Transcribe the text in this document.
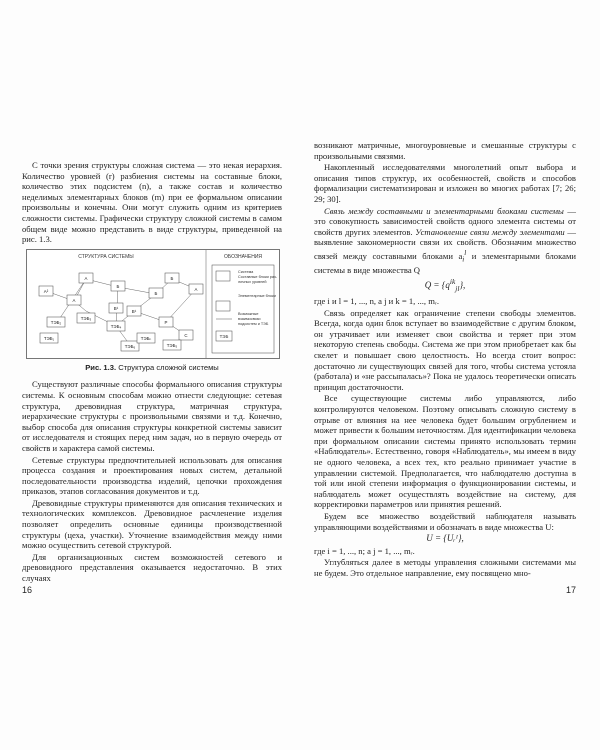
С точки зрения структуры сложная система — это некая иерархия. Количество уровней (r) разбиения системы на составные блоки, количество этих подсистем (n), а также состав и количество неделимых элементарных блоков (m) при ее формальном описании произвольны и конечны. Они могут служить одним из критериев сложности системы. Графически структуру сложной системы в самом общем виде можно представить в виде структуры, приведенной на рис. 1.3.

СТРУКТУРА СИСТЕМЫ	ОБОЗНАЧЕНИЯ
А
A²
Б
Б
Б
А
B¹
B¹
А
Р
С
ТЭБ₁
ТЭБ₂
ТЭБ₃
ТЭБ₄
ТЭБ₆	ТЭБ₅
ТЭБₙ
Система
Составные блоки раз-
личных уровней
Элементарные блоки
Возможные
взаимосвязи
подсистем и ТЭБ
ТЭБ
Рис. 1.3. Структура сложной системы

Существуют различные способы формального описания структуры системы. К основным способам можно отнести следующие: сетевая структура, древовидная структура, матричная структура, иерархические структуры с произвольными связями и т.д. Конечно, выбор способа для описания структуры конкретной системы зависит от исследователя и стоящих перед ним задач, но в первую очередь от свойств и характера самой системы.

Сетевые структуры предпочтительней использовать для описания процесса создания и проектирования новых систем, детальной последовательности производства изделий, цепочки прохождения приказов, этапов согласования документов и т.д.

Древовидные структуры применяются для описания технических и технологических комплексов. Древовидное расчленение изделия позволяет определить основные единицы производственной структуры (цеха, участки). Уточнение взаимодействия между ними можно осуществить сетевой структурой.

Для организационных систем возможностей сетевого и древовидного представления оказывается недостаточно. В этих случаях

16

возникают матричные, многоуровневые и смешанные структуры с произвольными связями.

Накопленный исследователями многолетний опыт выбора и описания типов структур, их особенностей, свойств и способов формализации систематизирован и изложен во многих работах [7; 26; 29; 30].

Связь между составными и элементарными блоками системы — это совокупность зависимостей свойств одного элемента системы от свойств других элементов. Установление связи между элементами — выявление закономерности связи их свойств. Обозначим множество связей между составными блоками $a_i^l$ и элементарными блоками системы в виде множества Q

$Q = \{q^{ik}_{jl}\}$,

где i и l = 1, ..., n, а j и k = 1, ..., mᵣ.

Связь определяет как ограничение степени свободы элементов. Всегда, когда один блок вступает во взаимодействие с другим блоком, он утрачивает или изменяет свои свойства и теряет при этом некоторую степень свободы. Система же при этом приобретает как бы скелет и повышает свою целостность. Но всегда стоит вопрос: достаточно ли существующих связей для того, чтобы система устояла (работала) и «не рассыпалась»? Пока не удалось теоретически описать принцип достаточности.

Все существующие системы либо управляются, либо контролируются человеком. Поэтому описывать сложную систему в отрыве от влияния на нее человека будет большим огрублением и может привести к большим неточностям. Для идентификации человека при формальном описании системы принято использовать термин «Наблюдатель». Естественно, говоря «Наблюдатель», мы имеем в виду не одного человека, а всех тех, кто реально принимает участие в управлении системой. Предполагается, что наблюдателю доступна в той или иной степени информация о функционировании системы, и наблюдатель может осуществлять воздействие на систему, для корректировки параметров или принятия решений.

Будем все множество воздействий наблюдателя называть управляющими воздействиями и обозначать в виде множества U:

U = {Uᵣᴵ},

где i = 1, ..., n; а j = 1, ..., mᵣ.

Углубляться далее в методы управления сложными системами мы не будем. Это отдельное направление, ему посвящено мно-

17
